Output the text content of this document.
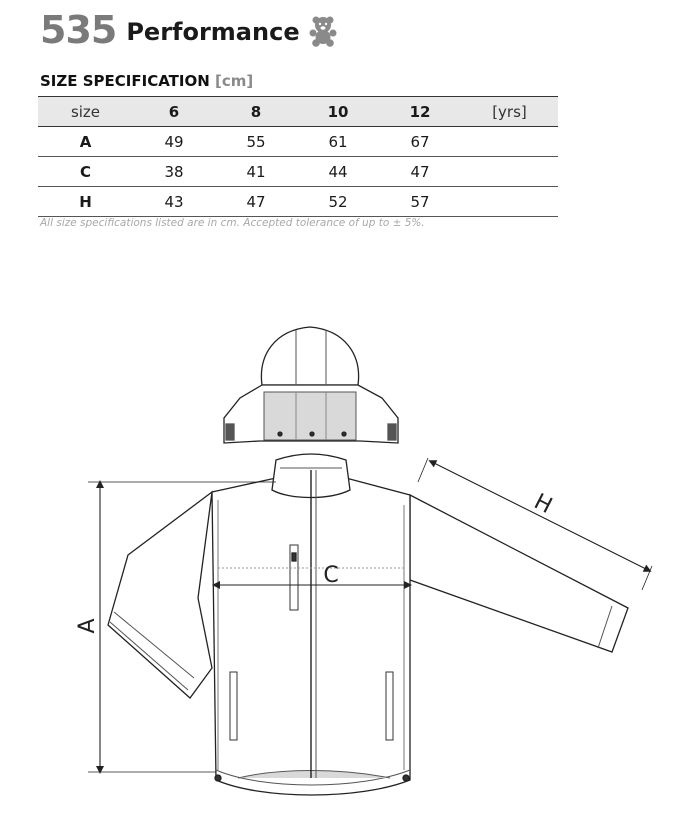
535 Performance
SIZE SPECIFICATION [cm]
size	6	8	10	12	[yrs]
A	49	55	61	67	
C	38	41	44	47	
H	43	47	52	57	
All size specifications listed are in cm. Accepted tolerance of up to ± 5%.
A
C
H
